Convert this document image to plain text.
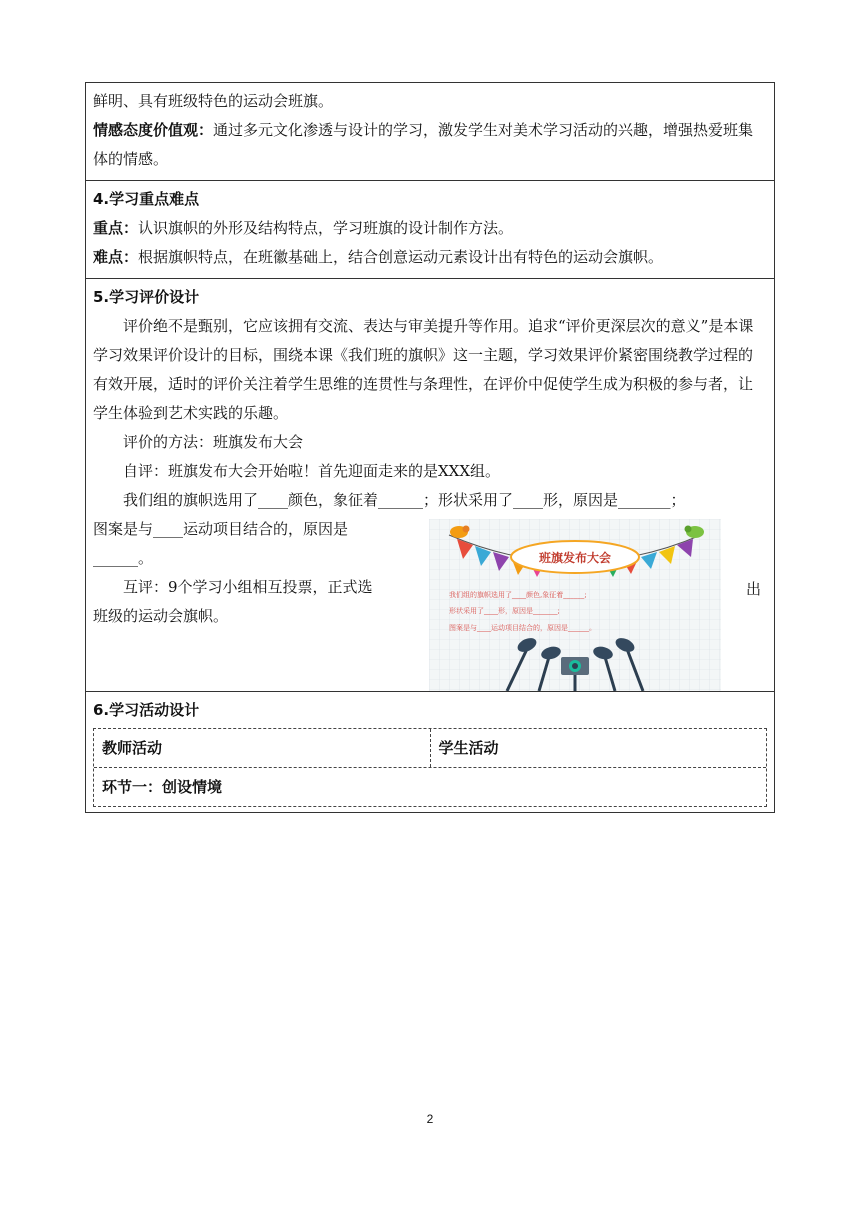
鲜明、具有班级特色的运动会班旗。

情感态度价值观：通过多元文化渗透与设计的学习，激发学生对美术学习活动的兴趣，增强热爱班集体的情感。

4.学习重点难点

重点：认识旗帜的外形及结构特点，学习班旗的设计制作方法。

难点：根据旗帜特点，在班徽基础上，结合创意运动元素设计出有特色的运动会旗帜。

5.学习评价设计

评价绝不是甄别，它应该拥有交流、表达与审美提升等作用。追求“评价更深层次的意义”是本课学习效果评价设计的目标，围绕本课《我们班的旗帜》这一主题，学习效果评价紧密围绕教学过程的有效开展，适时的评价关注着学生思维的连贯性与条理性，在评价中促使学生成为积极的参与者，让学生体验到艺术实践的乐趣。

评价的方法：班旗发布大会

自评：班旗发布大会开始啦！首先迎面走来的是XXX组。

我们组的旗帜选用了____颜色，象征着______；形状采用了____形，原因是_______；

图案是与____运动项目结合的，原因是

______。

互评：9个学习小组相互投票，正式选

班级的运动会旗帜。

出
班旗发布大会
我们组的旗帜选用了____颜色,象征着______;
形状采用了____形，原因是_______;
图案是与____运动项目结合的，原因是______。

6.学习活动设计

教师活动	学生活动
环节一：创设情境
2
